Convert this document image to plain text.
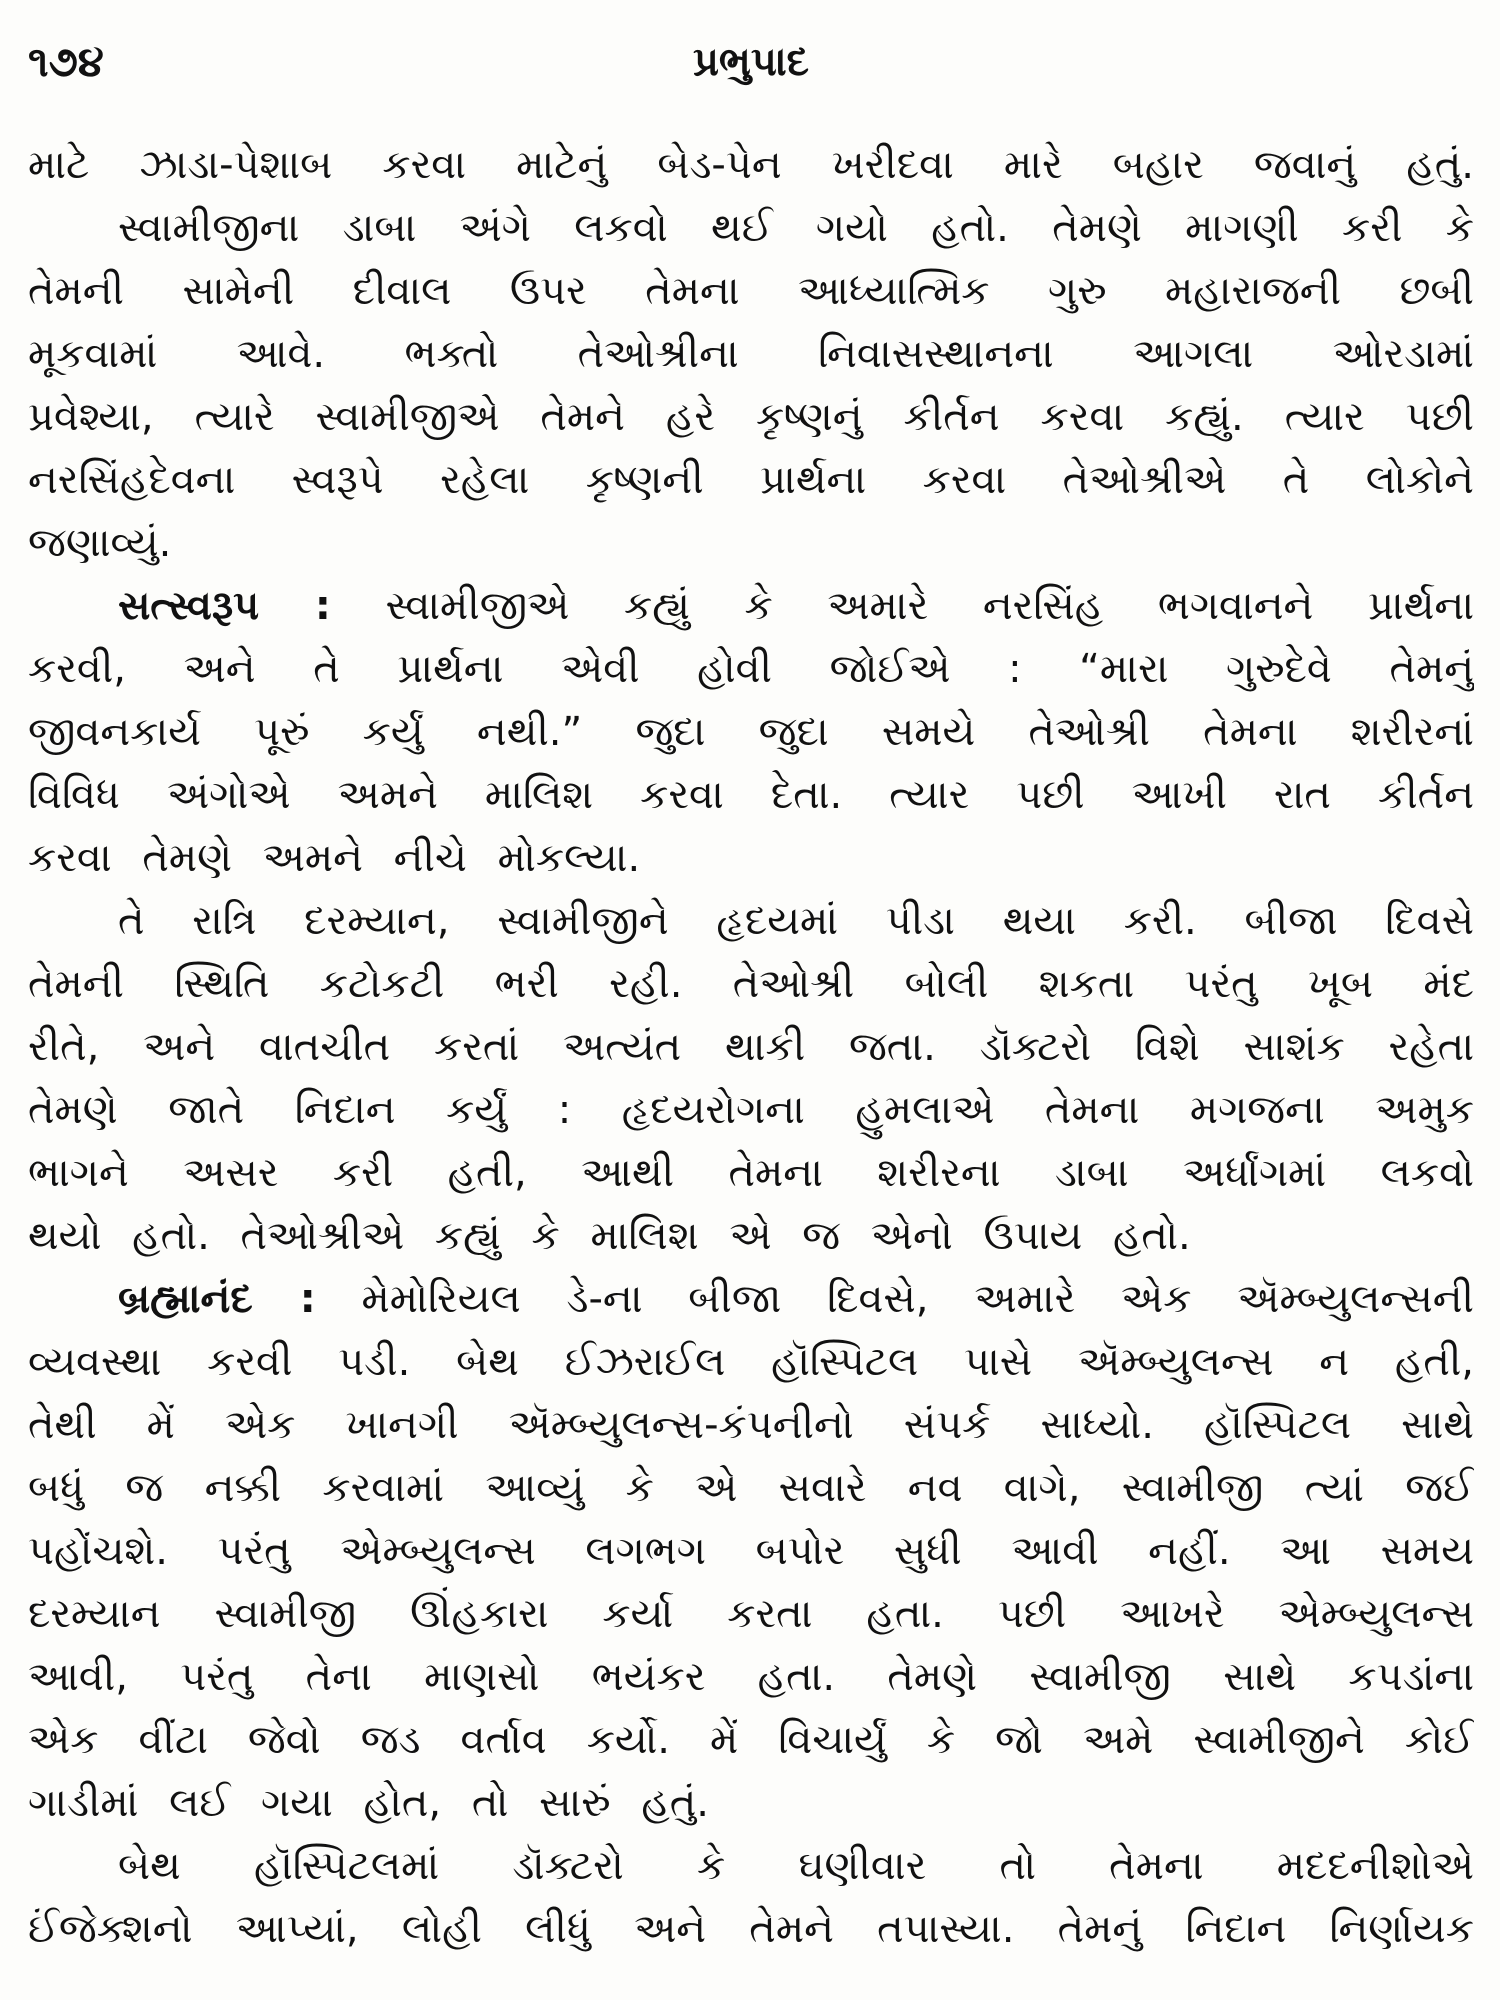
૧૭૪	પ્રભુપાદ
માટે ઝાડા-પેશાબ કરવા માટેનું બેડ-પેન ખરીદવા મારે બહાર જવાનું હતું.
સ્વામીજીના ડાબા અંગે લકવો થઈ ગયો હતો. તેમણે માગણી કરી કે
તેમની સામેની દીવાલ ઉપર તેમના આધ્યાત્મિક ગુરુ મહારાજની છબી
મૂકવામાં આવે. ભક્તો તેઓશ્રીના નિવાસસ્થાનના આગલા ઓરડામાં
પ્રવેશ્યા, ત્યારે સ્વામીજીએ તેમને હરે કૃષ્ણનું કીર્તન કરવા કહ્યું. ત્યાર પછી
નરસિંહદેવના સ્વરૂપે રહેલા કૃષ્ણની પ્રાર્થના કરવા તેઓશ્રીએ તે લોકોને
જણાવ્યું.
સત્સ્વરૂપ : સ્વામીજીએ કહ્યું કે અમારે નરસિંહ ભગવાનને પ્રાર્થના
કરવી, અને તે પ્રાર્થના એવી હોવી જોઈએ : “મારા ગુરુદેવે તેમનું
જીવનકાર્ય પૂરું કર્યું નથી.” જુદા જુદા સમયે તેઓશ્રી તેમના શરીરનાં
વિવિધ અંગોએ અમને માલિશ કરવા દેતા. ત્યાર પછી આખી રાત કીર્તન
કરવા તેમણે અમને નીચે મોકલ્યા.
તે રાત્રિ દરમ્યાન, સ્વામીજીને હૃદયમાં પીડા થયા કરી. બીજા દિવસે
તેમની સ્થિતિ કટોકટી ભરી રહી. તેઓશ્રી બોલી શકતા પરંતુ ખૂબ મંદ
રીતે, અને વાતચીત કરતાં અત્યંત થાકી જતા. ડૉક્ટરો વિશે સાશંક રહેતા
તેમણે જાતે નિદાન કર્યું : હૃદયરોગના હુમલાએ તેમના મગજના અમુક
ભાગને અસર કરી હતી, આથી તેમના શરીરના ડાબા અર્ધાંગમાં લકવો
થયો હતો. તેઓશ્રીએ કહ્યું કે માલિશ એ જ એનો ઉપાય હતો.
બ્રહ્માનંદ : મેમોરિયલ ડે-ના બીજા દિવસે, અમારે એક ઍમ્બ્યુલન્સની
વ્યવસ્થા કરવી પડી. બેથ ઈઝરાઈલ હૉસ્પિટલ પાસે ઍમ્બ્યુલન્સ ન હતી,
તેથી મેં એક ખાનગી ઍમ્બ્યુલન્સ-કંપનીનો સંપર્ક સાધ્યો. હૉસ્પિટલ સાથે
બધું જ નક્કી કરવામાં આવ્યું કે એ સવારે નવ વાગે, સ્વામીજી ત્યાં જઈ
પહોંચશે. પરંતુ એમ્બ્યુલન્સ લગભગ બપોર સુધી આવી નહીં. આ સમય
દરમ્યાન સ્વામીજી ઊંહકારા કર્યા કરતા હતા. પછી આખરે એમ્બ્યુલન્સ
આવી, પરંતુ તેના માણસો ભયંકર હતા. તેમણે સ્વામીજી સાથે કપડાંના
એક વીંટા જેવો જડ વર્તાવ કર્યો. મેં વિચાર્યું કે જો અમે સ્વામીજીને કોઈ
ગાડીમાં લઈ ગયા હોત, તો સારું હતું.
બેથ હૉસ્પિટલમાં ડૉક્ટરો કે ઘણીવાર તો તેમના મદદનીશોએ
ઈંજેક્શનો આપ્યાં, લોહી લીધું અને તેમને તપાસ્યા. તેમનું નિદાન નિર્ણાયક
